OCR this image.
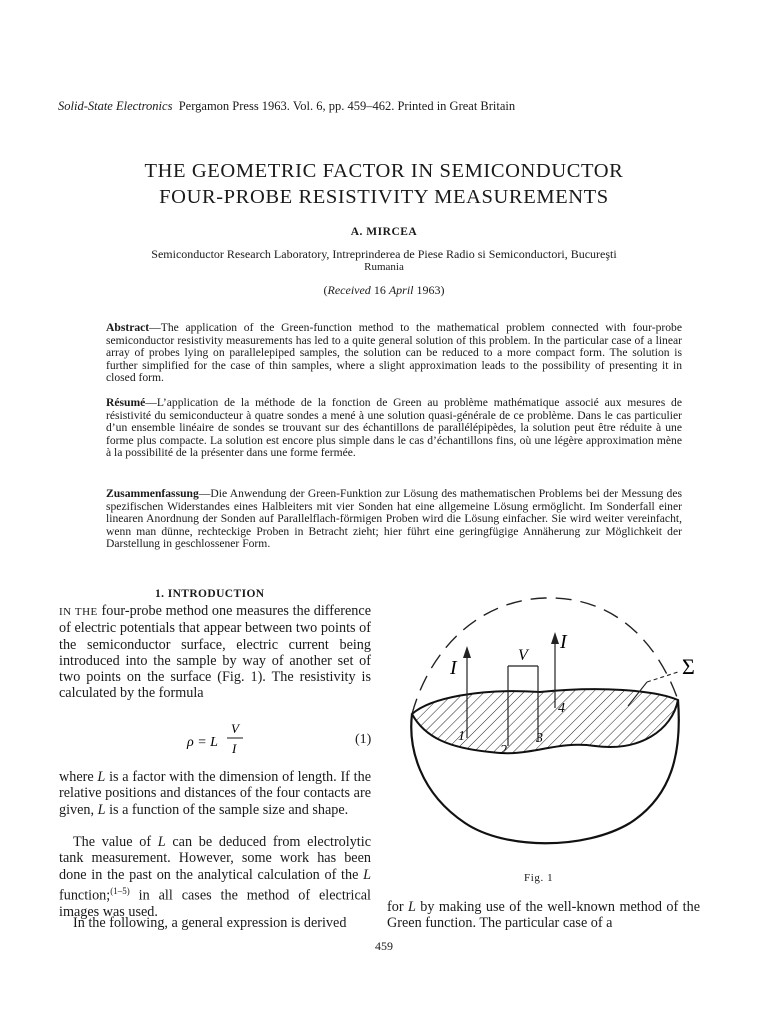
Solid-State Electronics Pergamon Press 1963. Vol. 6, pp. 459–462. Printed in Great Britain
THE GEOMETRIC FACTOR IN SEMICONDUCTOR
FOUR-PROBE RESISTIVITY MEASUREMENTS
A. MIRCEA
Semiconductor Research Laboratory, Intreprinderea de Piese Radio si Semiconductori, Bucureşti
Rumania
(Received 16 April 1963)
Abstract—The application of the Green-function method to the mathematical problem connected with four-probe semiconductor resistivity measurements has led to a quite general solution of this problem. In the particular case of a linear array of probes lying on parallelepiped samples, the solution can be reduced to a more compact form. The solution is further simplified for the case of thin samples, where a slight approximation leads to the possibility of presenting it in closed form.
Résumé—L’application de la méthode de la fonction de Green au problème mathématique associé aux mesures de résistivité du semiconducteur à quatre sondes a mené à une solution quasi-générale de ce problème. Dans le cas particulier d’un ensemble linéaire de sondes se trouvant sur des échantillons de parallélépipèdes, la solution peut être réduite à une forme plus compacte. La solution est encore plus simple dans le cas d’échantillons fins, où une légère approximation mène à la possibilité de la présenter dans une forme fermée.
Zusammenfassung—Die Anwendung der Green-Funktion zur Lösung des mathematischen Problems bei der Messung des spezifischen Widerstandes eines Halbleiters mit vier Sonden hat eine allgemeine Lösung ermöglicht. Im Sonderfall einer linearen Anordnung der Sonden auf Parallelflach-förmigen Proben wird die Lösung einfacher. Sie wird weiter vereinfacht, wenn man dünne, rechteckige Proben in Betracht zieht; hier führt eine geringfügige Annäherung zur Möglichkeit der Darstellung in geschlossener Form.
1. INTRODUCTION
IN THE four-probe method one measures the difference of electric potentials that appear between two points of the semiconductor surface, electric current being introduced into the sample by way of another set of two points on the surface (Fig. 1). The resistivity is calculated by the formula
ρ = L
V
I
(1)
where L is a factor with the dimension of length. If the relative positions and distances of the four contacts are given, L is a function of the sample size and shape.
The value of L can be deduced from electrolytic tank measurement. However, some work has been done in the past on the analytical calculation of the L function;$^{(1-5)}$ in all cases the method of electrical images was used.
In the following, a general expression is derived
for L by making use of the well-known method of the Green function. The particular case of a
I
V
I
Σ
1
2
3
4
Fig. 1
459
